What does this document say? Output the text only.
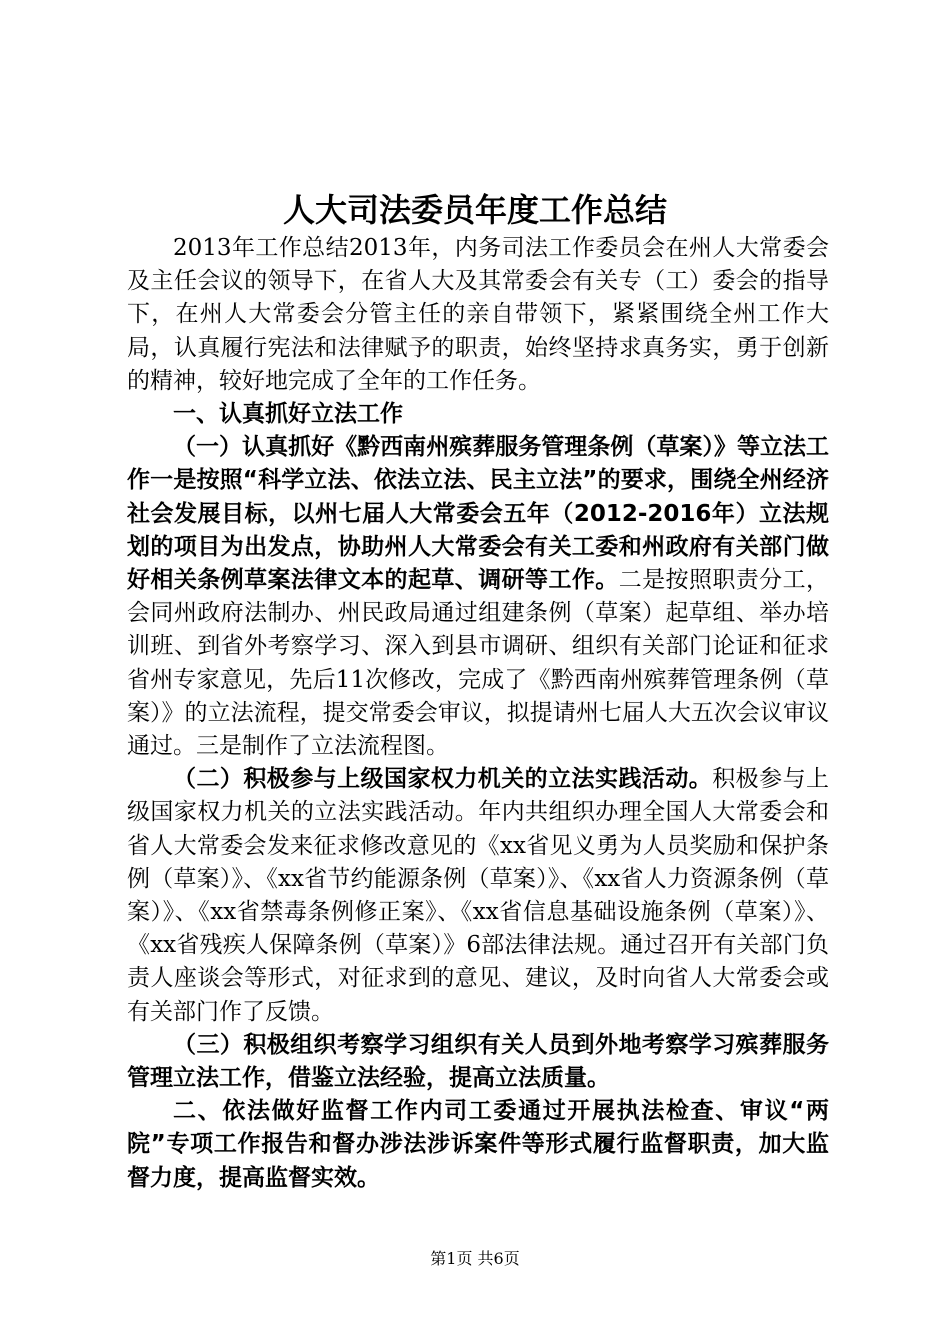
人大司法委员年度工作总结

2013年工作总结2013年，内务司法工作委员会在州人大常委会及主任会议的领导下，在省人大及其常委会有关专（工）委会的指导下，在州人大常委会分管主任的亲自带领下，紧紧围绕全州工作大局，认真履行宪法和法律赋予的职责，始终坚持求真务实，勇于创新的精神，较好地完成了全年的工作任务。

一、认真抓好立法工作

（一）认真抓好《黔西南州殡葬服务管理条例（草案）》等立法工作一是按照“科学立法、依法立法、民主立法”的要求，围绕全州经济社会发展目标，以州七届人大常委会五年（2012-2016年）立法规划的项目为出发点，协助州人大常委会有关工委和州政府有关部门做好相关条例草案法律文本的起草、调研等工作。二是按照职责分工，会同州政府法制办、州民政局通过组建条例（草案）起草组、举办培训班、到省外考察学习、深入到县市调研、组织有关部门论证和征求省州专家意见，先后11次修改，完成了《黔西南州殡葬管理条例（草案）》的立法流程，提交常委会审议，拟提请州七届人大五次会议审议通过。三是制作了立法流程图。

（二）积极参与上级国家权力机关的立法实践活动。积极参与上级国家权力机关的立法实践活动。年内共组织办理全国人大常委会和省人大常委会发来征求修改意见的《xx省见义勇为人员奖励和保护条例（草案）》、《xx省节约能源条例（草案）》、《xx省人力资源条例（草案）》、《xx省禁毒条例修正案》、《xx省信息基础设施条例（草案）》、《xx省残疾人保障条例（草案）》6部法律法规。通过召开有关部门负责人座谈会等形式，对征求到的意见、建议，及时向省人大常委会或有关部门作了反馈。

（三）积极组织考察学习组织有关人员到外地考察学习殡葬服务管理立法工作，借鉴立法经验，提高立法质量。

二、依法做好监督工作内司工委通过开展执法检查、审议“两院”专项工作报告和督办涉法涉诉案件等形式履行监督职责，加大监督力度，提高监督实效。

第1页 共6页
